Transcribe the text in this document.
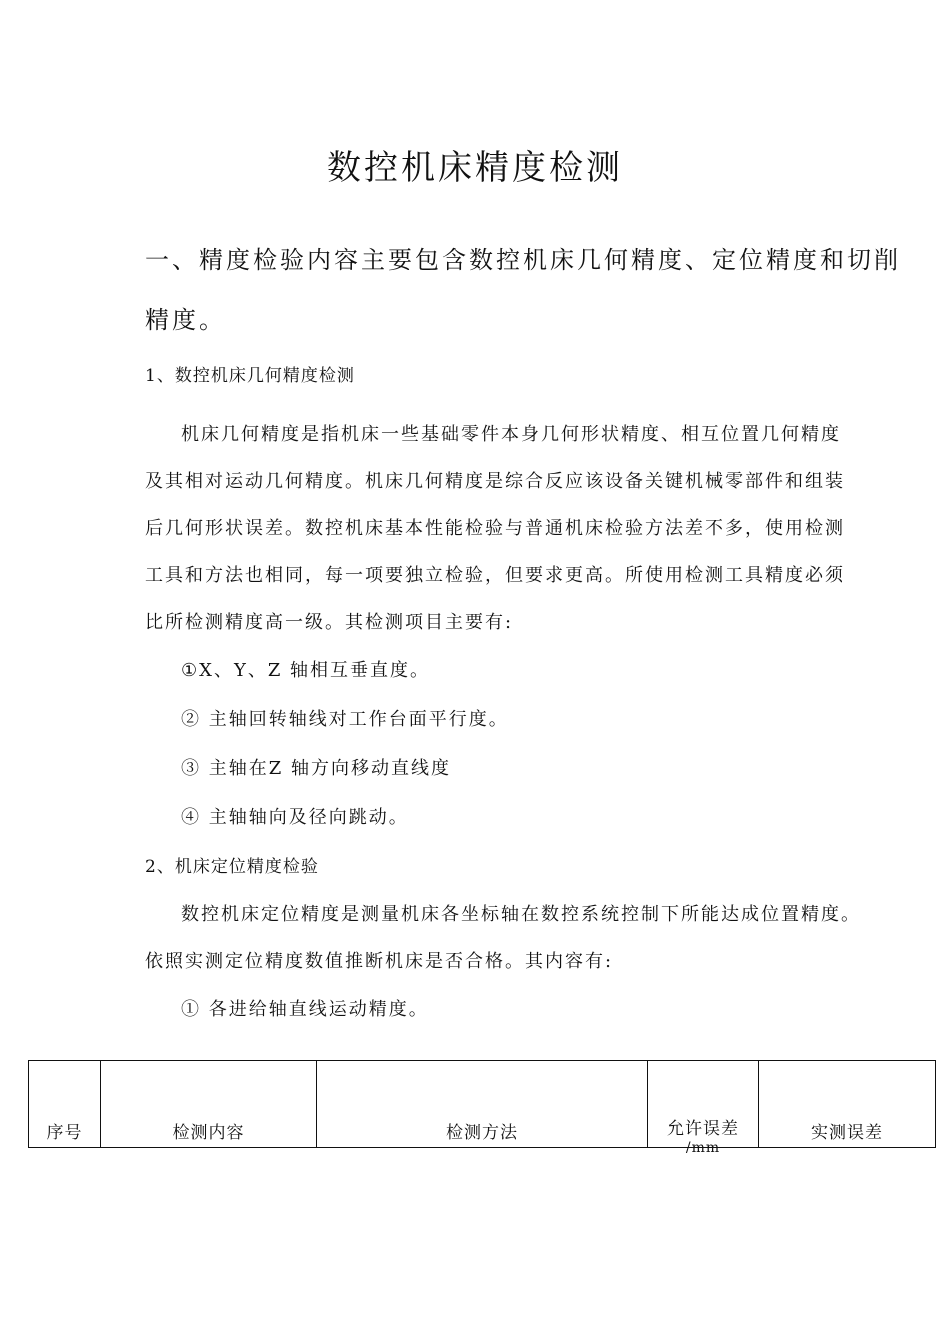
数控机床精度检测

一、精度检验内容主要包含数控机床几何精度、定位精度和切削

精度。

1、数控机床几何精度检测

机床几何精度是指机床一些基础零件本身几何形状精度、相互位置几何精度

及其相对运动几何精度。机床几何精度是综合反应该设备关键机械零部件和组装

后几何形状误差。数控机床基本性能检验与普通机床检验方法差不多，使用检测

工具和方法也相同，每一项要独立检验，但要求更高。所使用检测工具精度必须

比所检测精度高一级。其检测项目主要有:

①X、Y、Z 轴相互垂直度。

② 主轴回转轴线对工作台面平行度。

③ 主轴在Z 轴方向移动直线度

④ 主轴轴向及径向跳动。

2、机床定位精度检验

数控机床定位精度是测量机床各坐标轴在数控系统控制下所能达成位置精度。

依照实测定位精度数值推断机床是否合格。其内容有:

① 各进给轴直线运动精度。

序号	检测内容	检测方法	允许误差
/mm
	实测误差
